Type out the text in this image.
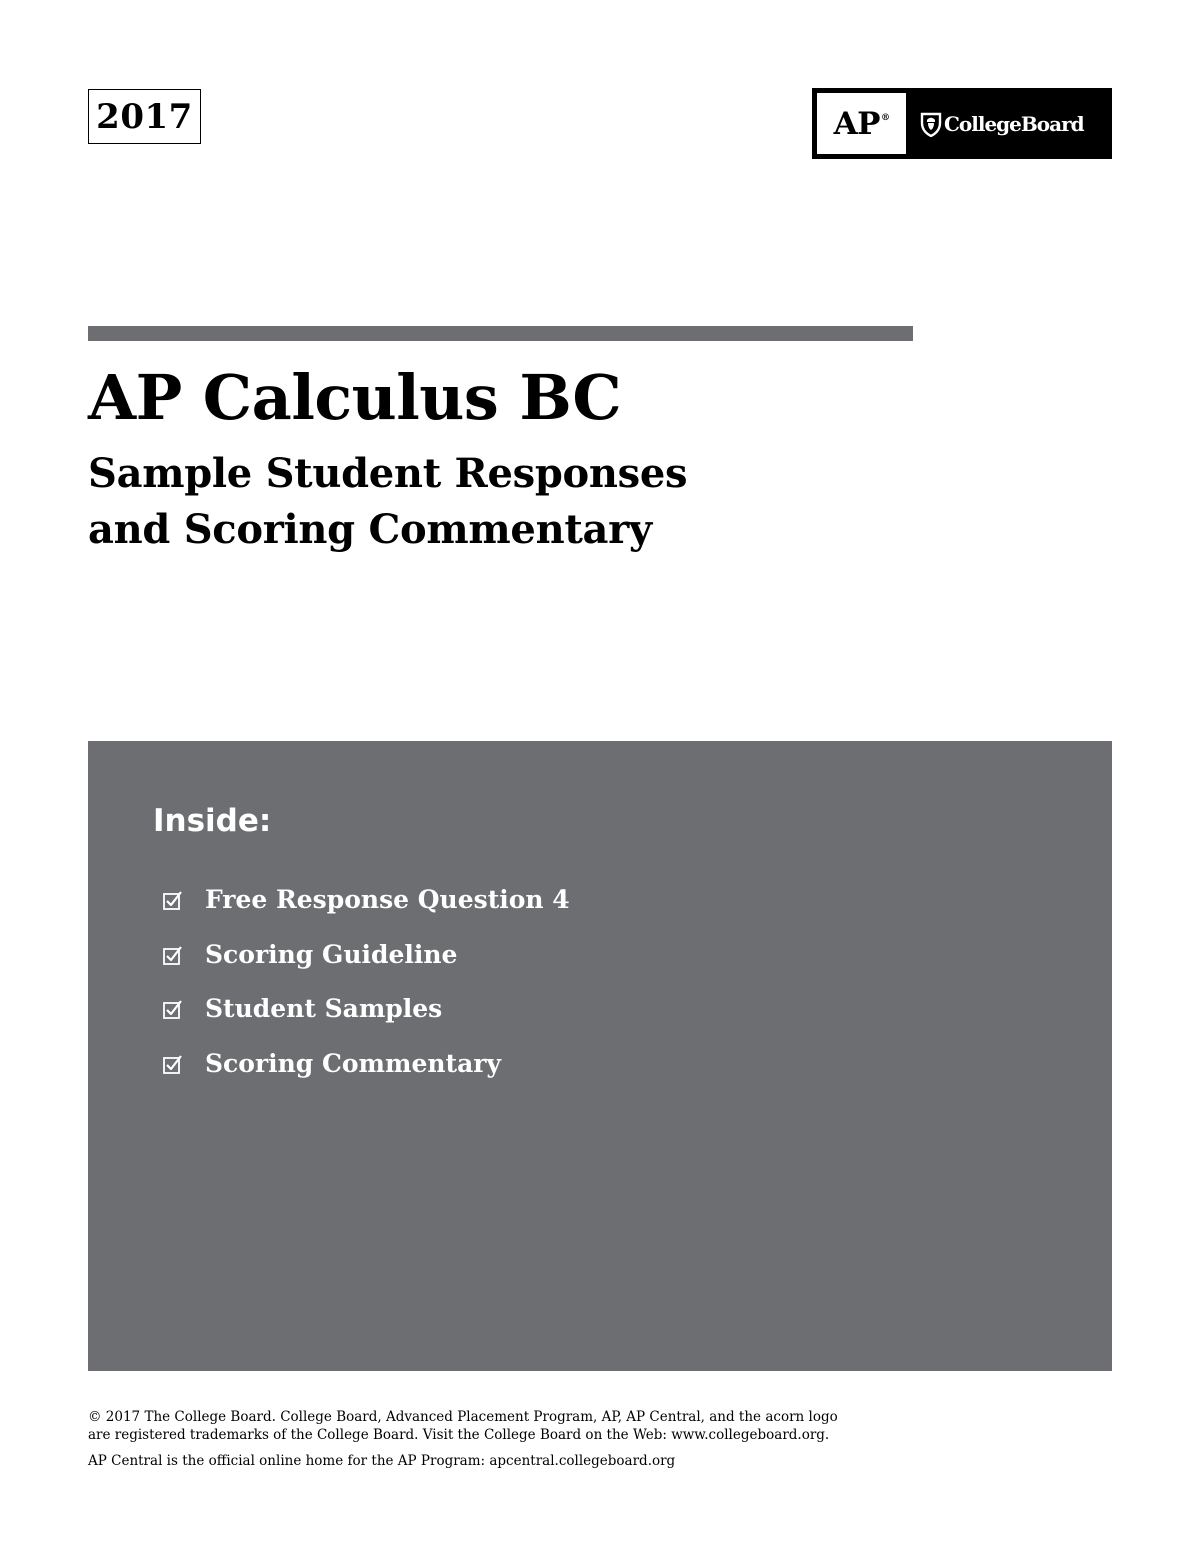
2017	AP®	CollegeBoard
AP Calculus BC
Sample Student Responses
and Scoring Commentary
Inside:
Free Response Question 4
Scoring Guideline
Student Samples
Scoring Commentary

© 2017 The College Board. College Board, Advanced Placement Program, AP, AP Central, and the acorn logo

are registered trademarks of the College Board. Visit the College Board on the Web: www.collegeboard.org.

AP Central is the official online home for the AP Program: apcentral.collegeboard.org
